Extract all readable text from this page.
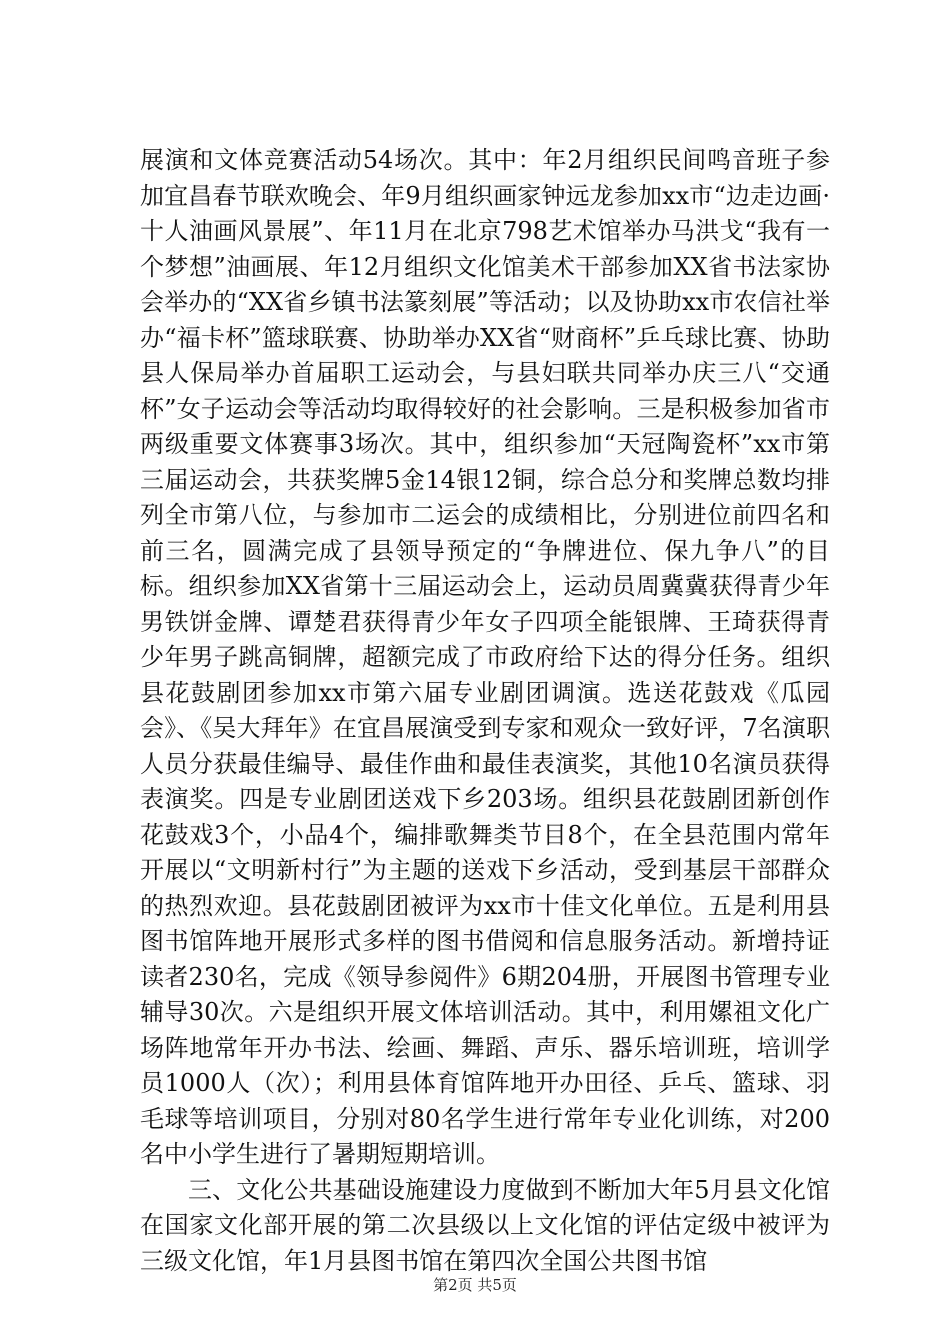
展演和文体竞赛活动54场次。其中：年2月组织民间鸣音班子参加宜昌春节联欢晚会、年9月组织画家钟远龙参加xx市“边走边画·十人油画风景展”、年11月在北京798艺术馆举办马洪戈“我有一个梦想”油画展、年12月组织文化馆美术干部参加XX省书法家协会举办的“XX省乡镇书法篆刻展”等活动；以及协助xx市农信社举办“福卡杯”篮球联赛、协助举办XX省“财商杯”乒乓球比赛、协助县人保局举办首届职工运动会，与县妇联共同举办庆三八“交通杯”女子运动会等活动均取得较好的社会影响。三是积极参加省市两级重要文体赛事3场次。其中，组织参加“天冠陶瓷杯”xx市第三届运动会，共获奖牌5金14银12铜，综合总分和奖牌总数均排列全市第八位，与参加市二运会的成绩相比，分别进位前四名和前三名，圆满完成了县领导预定的“争牌进位、保九争八”的目标。组织参加XX省第十三届运动会上，运动员周冀冀获得青少年男铁饼金牌、谭楚君获得青少年女子四项全能银牌、王琦获得青少年男子跳高铜牌，超额完成了市政府给下达的得分任务。组织县花鼓剧团参加xx市第六届专业剧团调演。选送花鼓戏《瓜园会》、《吴大拜年》在宜昌展演受到专家和观众一致好评，7名演职人员分获最佳编导、最佳作曲和最佳表演奖，其他10名演员获得表演奖。四是专业剧团送戏下乡203场。组织县花鼓剧团新创作花鼓戏3个，小品4个，编排歌舞类节目8个，在全县范围内常年开展以“文明新村行”为主题的送戏下乡活动，受到基层干部群众的热烈欢迎。县花鼓剧团被评为xx市十佳文化单位。五是利用县图书馆阵地开展形式多样的图书借阅和信息服务活动。新增持证读者230名，完成《领导参阅件》6期204册，开展图书管理专业辅导30次。六是组织开展文体培训活动。其中，利用嫘祖文化广场阵地常年开办书法、绘画、舞蹈、声乐、器乐培训班，培训学员1000人（次）；利用县体育馆阵地开办田径、乒乓、篮球、羽毛球等培训项目，分别对80名学生进行常年专业化训练，对200名中小学生进行了暑期短期培训。

三、文化公共基础设施建设力度做到不断加大年5月县文化馆在国家文化部开展的第二次县级以上文化馆的评估定级中被评为三级文化馆，年1月县图书馆在第四次全国公共图书馆

第2页 共5页
